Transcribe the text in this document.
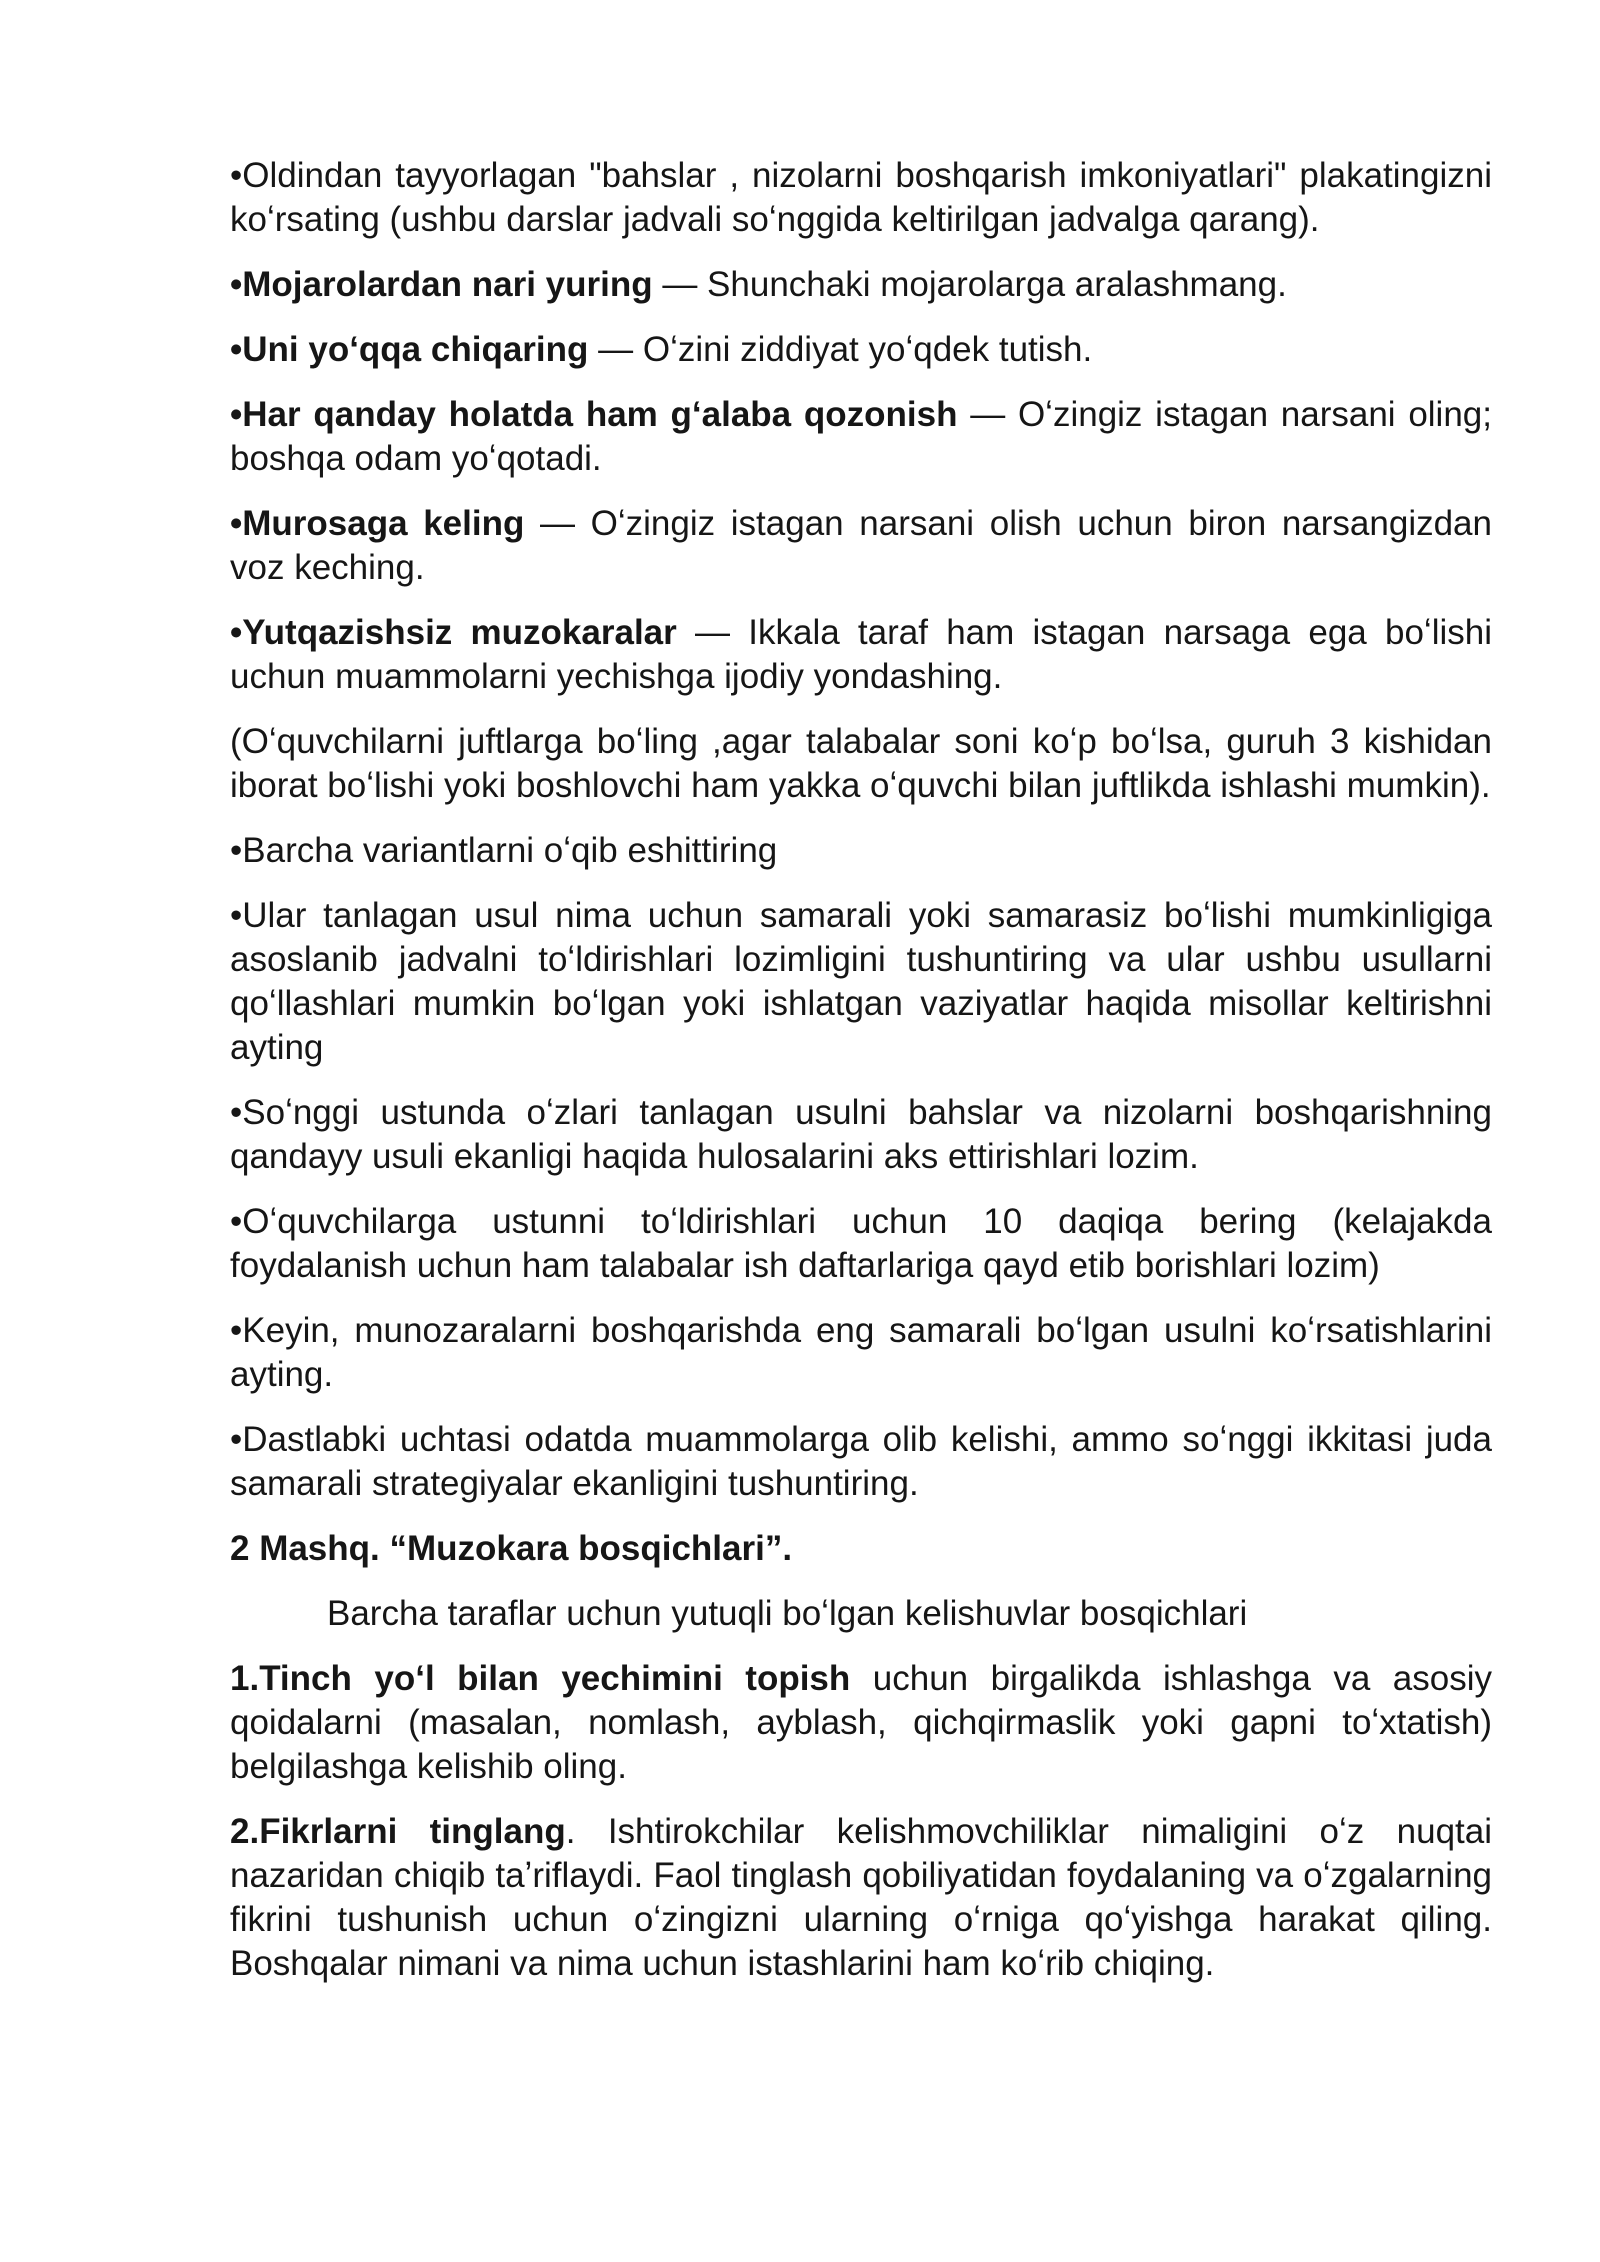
•Oldindan tayyorlagan "bahslar , nizolarni boshqarish imkoniyatlari" plakatingizni koʻrsating (ushbu darslar jadvali soʻnggida keltirilgan jadvalga qarang).

•Mojarolardan nari yuring — Shunchaki mojarolarga aralashmang.

•Uni yoʻqqa chiqaring — Oʻzini ziddiyat yoʻqdek tutish.

•Har qanday holatda ham gʻalaba qozonish — Oʻzingiz istagan narsani oling; boshqa odam yoʻqotadi.

•Murosaga keling — Oʻzingiz istagan narsani olish uchun biron narsangizdan voz keching.

•Yutqazishsiz muzokaralar — Ikkala taraf ham istagan narsaga ega boʻlishi uchun muammolarni yechishga ijodiy yondashing.

(Oʻquvchilarni juftlarga boʻling ,agar talabalar soni koʻp boʻlsa, guruh 3 kishidan iborat boʻlishi yoki boshlovchi ham yakka oʻquvchi bilan juftlikda ishlashi mumkin).

•Barcha variantlarni oʻqib eshittiring

•Ular tanlagan usul nima uchun samarali yoki samarasiz boʻlishi mumkinligiga asoslanib jadvalni toʻldirishlari lozimligini tushuntiring va ular ushbu usullarni qoʻllashlari mumkin boʻlgan yoki ishlatgan vaziyatlar haqida misollar keltirishni ayting

•Soʻnggi ustunda oʻzlari tanlagan usulni bahslar va nizolarni boshqarishning qandayy usuli ekanligi haqida hulosalarini aks ettirishlari lozim.

•Oʻquvchilarga ustunni toʻldirishlari uchun 10 daqiqa bering (kelajakda foydalanish uchun ham talabalar ish daftarlariga qayd etib borishlari lozim)

•Keyin, munozaralarni boshqarishda eng samarali boʻlgan usulni koʻrsatishlarini ayting.

•Dastlabki uchtasi odatda muammolarga olib kelishi, ammo soʻnggi ikkitasi juda samarali strategiyalar ekanligini tushuntiring.

2 Mashq. “Muzokara bosqichlari”.

Barcha taraflar uchun yutuqli boʻlgan kelishuvlar bosqichlari

1.Tinch yoʻl bilan yechimini topish uchun birgalikda ishlashga va asosiy qoidalarni (masalan, nomlash, ayblash, qichqirmaslik yoki gapni toʻxtatish) belgilashga kelishib oling.

2.Fikrlarni tinglang. Ishtirokchilar kelishmovchiliklar nimaligini oʻz nuqtai nazaridan chiqib taʼriflaydi. Faol tinglash qobiliyatidan foydalaning va oʻzgalarning fikrini tushunish uchun oʻzingizni ularning oʻrniga qoʻyishga harakat qiling. Boshqalar nimani va nima uchun istashlarini ham koʻrib chiqing.
